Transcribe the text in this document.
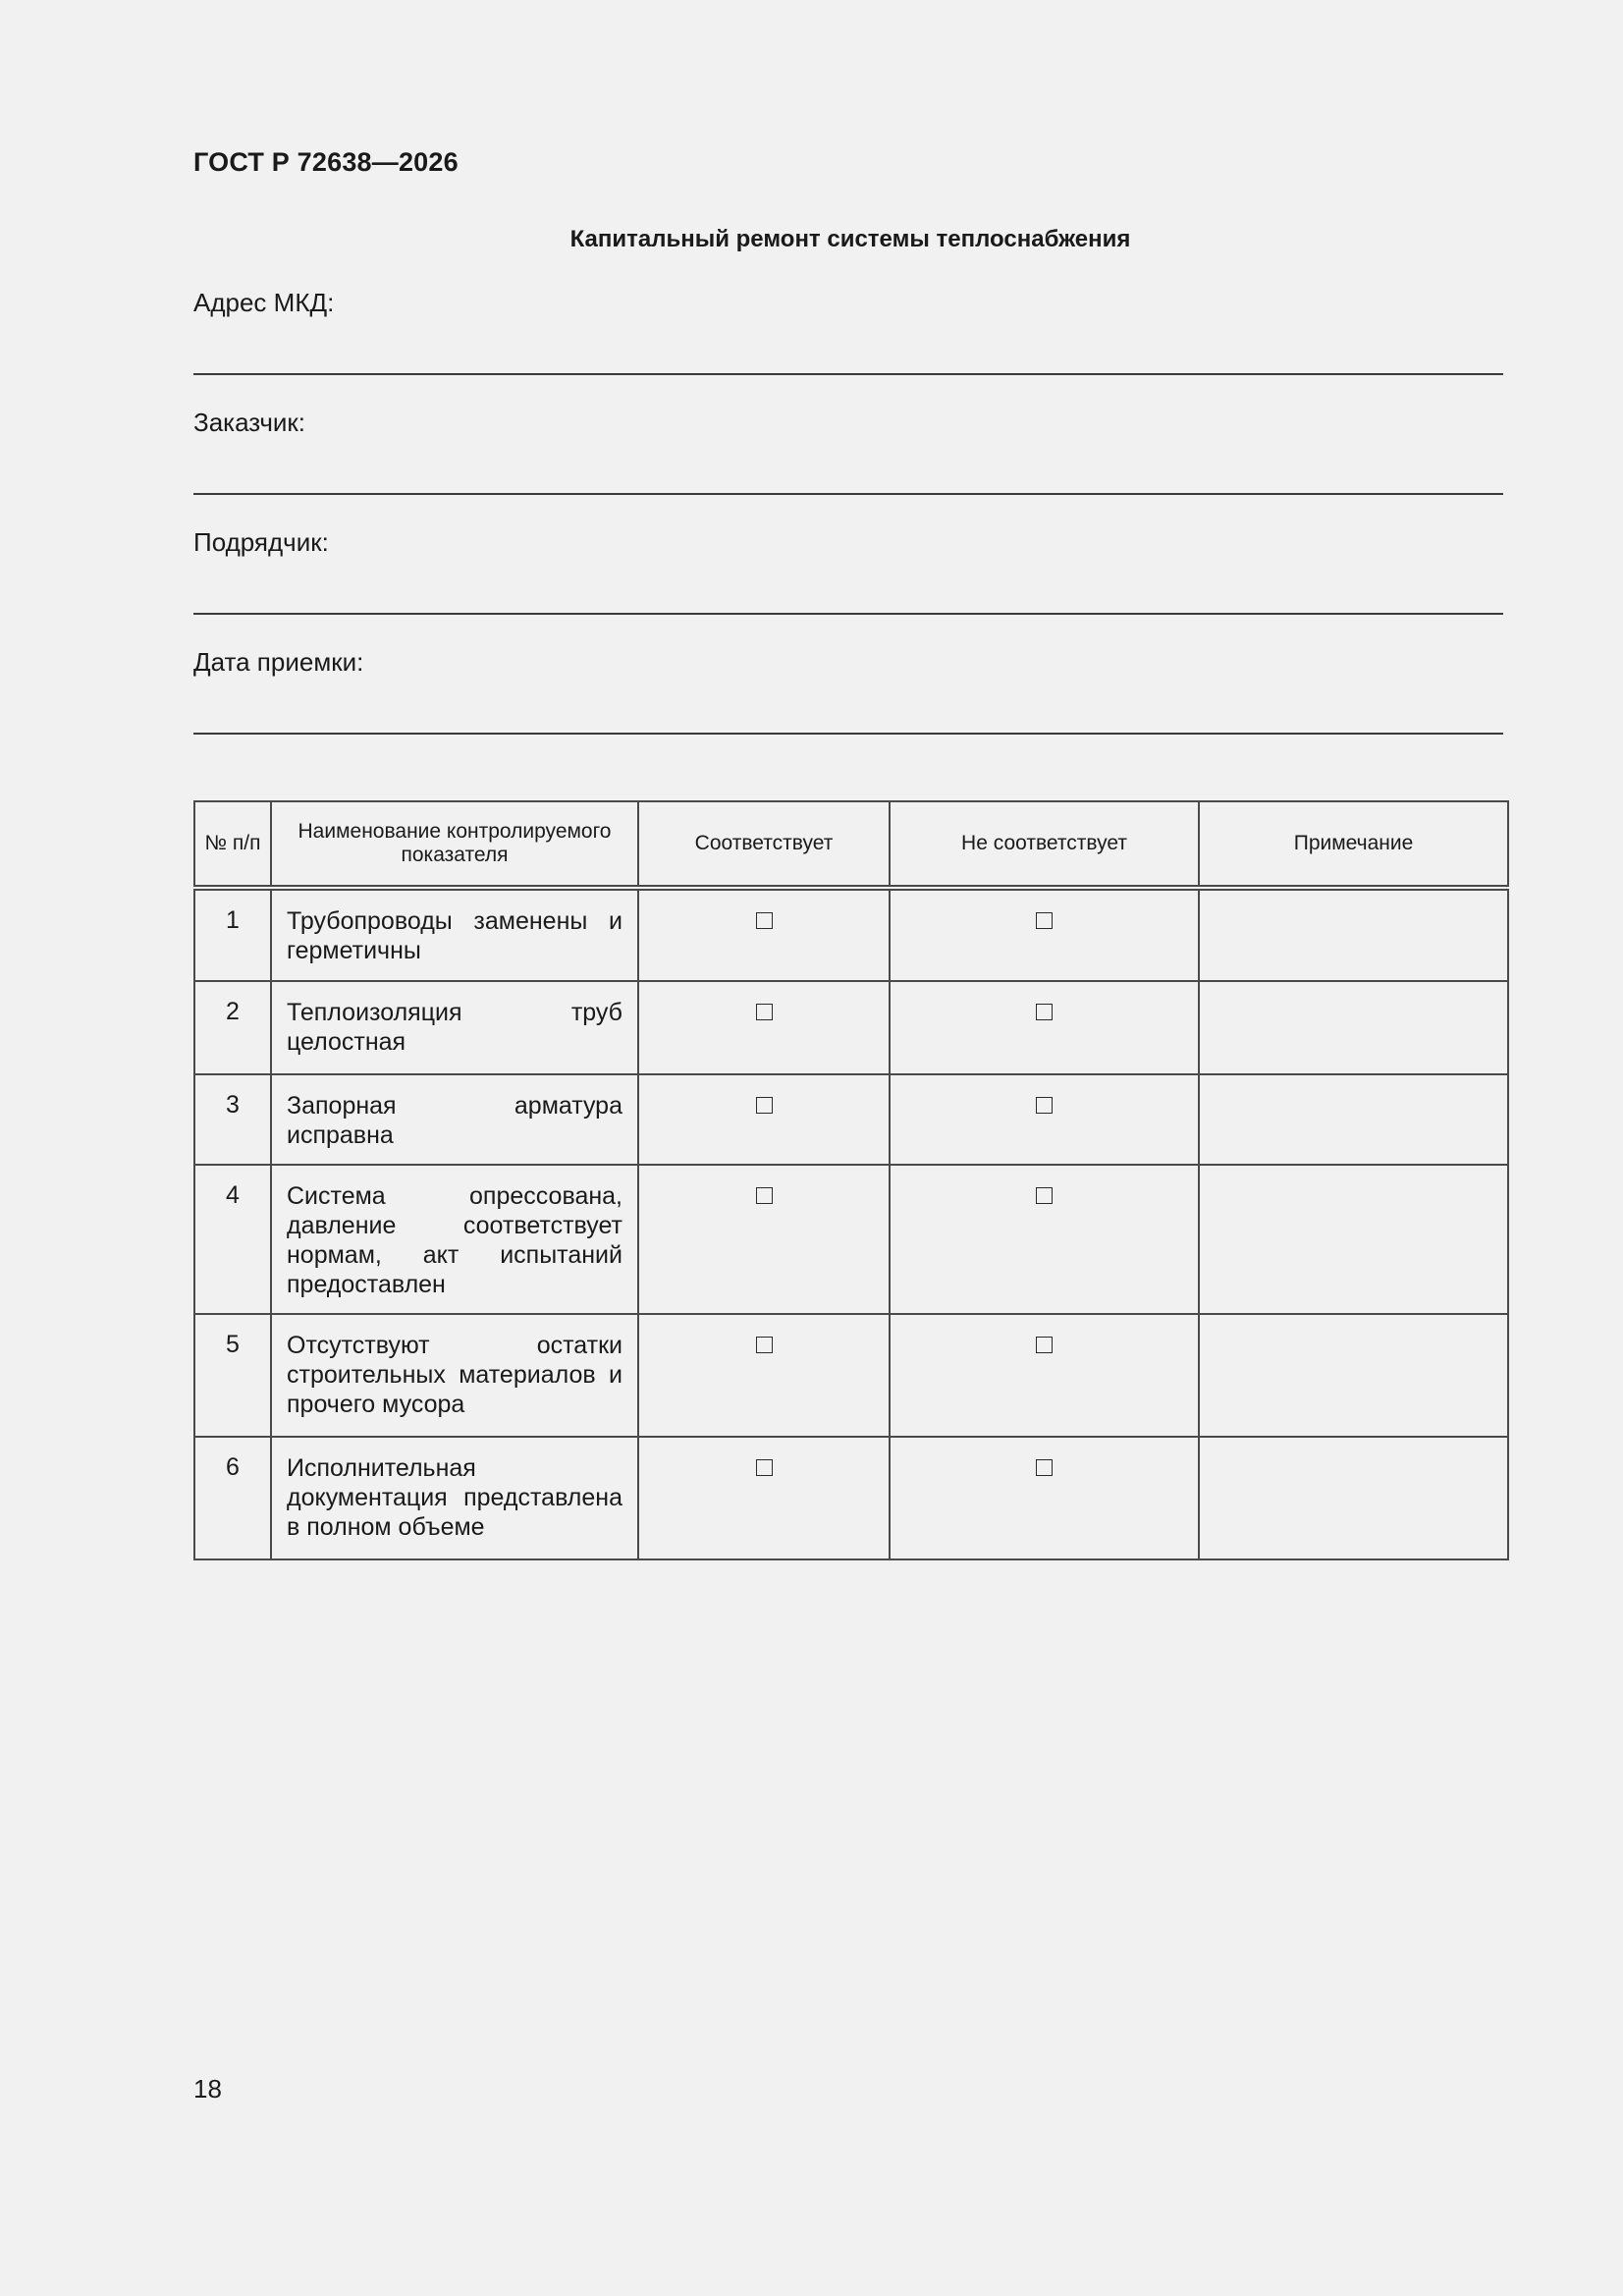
ГОСТ Р 72638—2026
Капитальный ремонт системы теплоснабжения
Адрес МКД:
Заказчик:
Подрядчик:
Дата приемки:
№ п/п	Наименование контролируемого показателя	Соответствует	Не соответствует	Примечание
1	Трубопроводы заменены и герметичны			
2	Теплоизоляция труб целостная			
3	Запорная арматура исправна			
4	Система опрессована, давление соответствует нормам, акт испытаний предоставлен			
5	Отсутствуют остатки строительных материалов и прочего мусора			
6	Исполнительная документация представлена в полном объеме			
18
